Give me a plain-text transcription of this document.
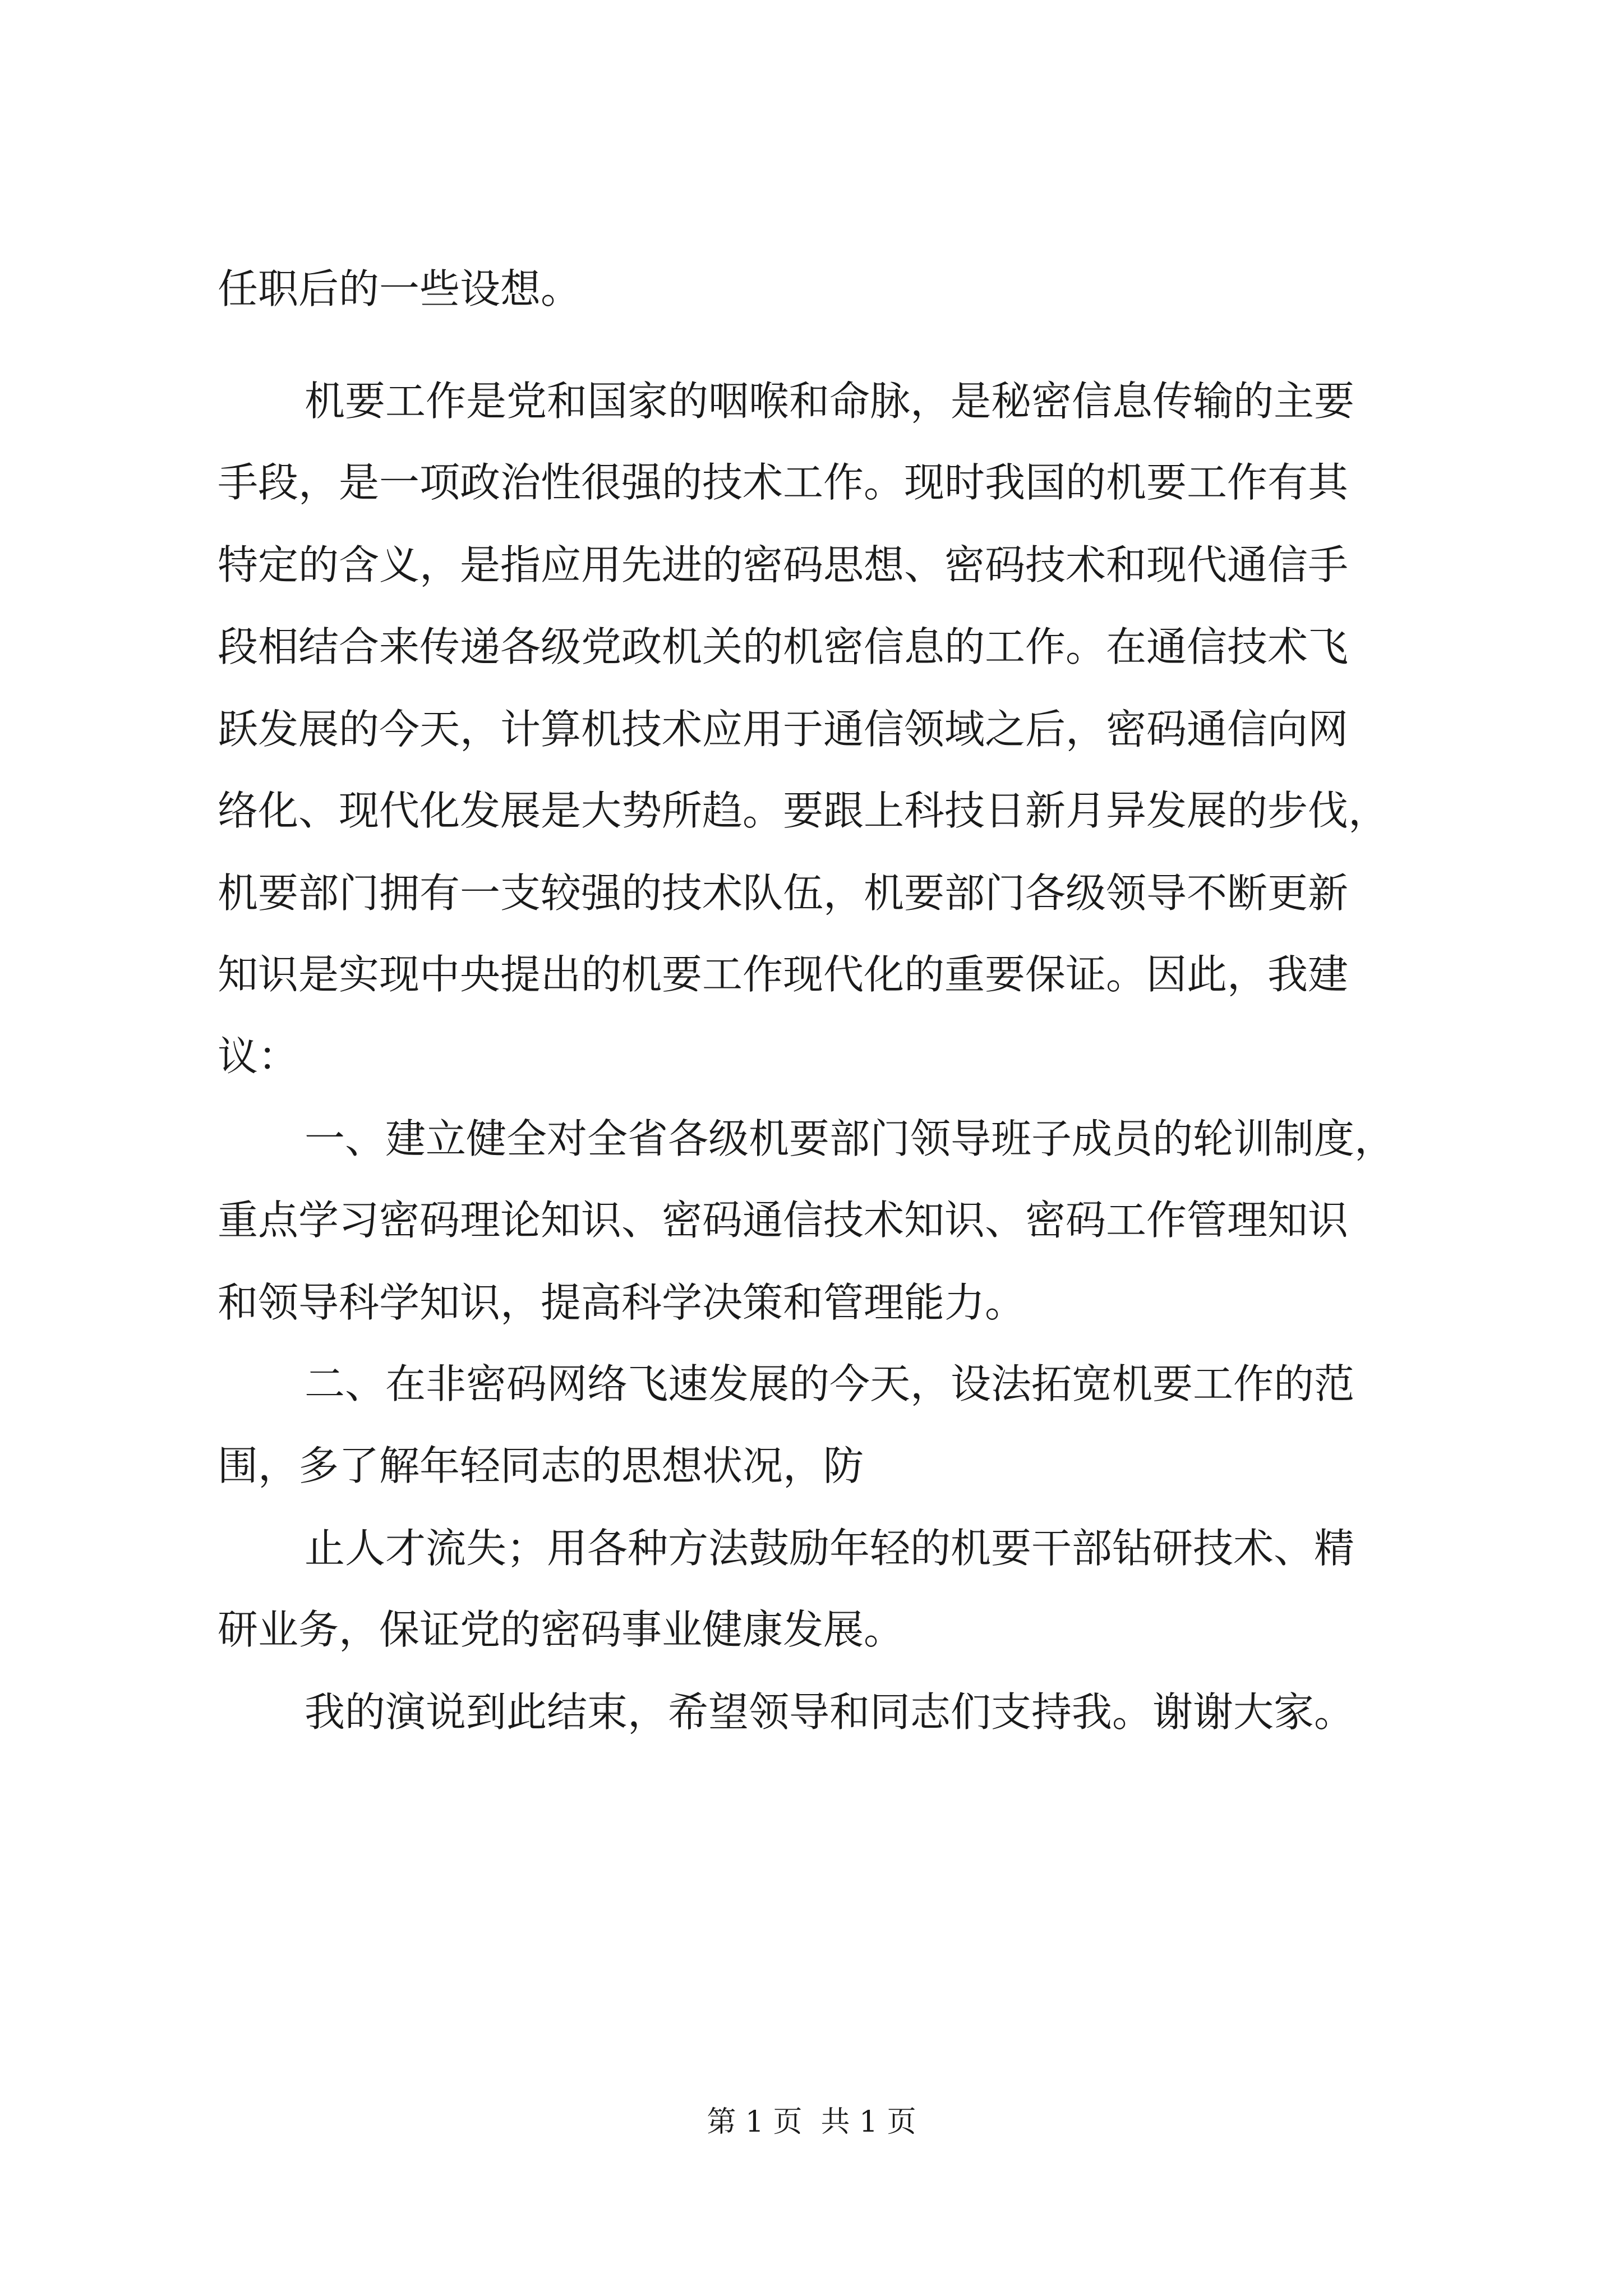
任职后的一些设想。
机要工作是党和国家的咽喉和命脉，是秘密信息传输的主要
手段，是一项政治性很强的技术工作。现时我国的机要工作有其
特定的含义，是指应用先进的密码思想、密码技术和现代通信手
段相结合来传递各级党政机关的机密信息的工作。在通信技术飞
跃发展的今天，计算机技术应用于通信领域之后，密码通信向网
络化、现代化发展是大势所趋。要跟上科技日新月异发展的步伐，
机要部门拥有一支较强的技术队伍，机要部门各级领导不断更新
知识是实现中央提出的机要工作现代化的重要保证。因此，我建
议：
一、建立健全对全省各级机要部门领导班子成员的轮训制度，
重点学习密码理论知识、密码通信技术知识、密码工作管理知识
和领导科学知识，提高科学决策和管理能力。
二、在非密码网络飞速发展的今天，设法拓宽机要工作的范
围，多了解年轻同志的思想状况，防
止人才流失；用各种方法鼓励年轻的机要干部钻研技术、精
研业务，保证党的密码事业健康发展。
我的演说到此结束，希望领导和同志们支持我。谢谢大家。
第 1 页  共 1 页
